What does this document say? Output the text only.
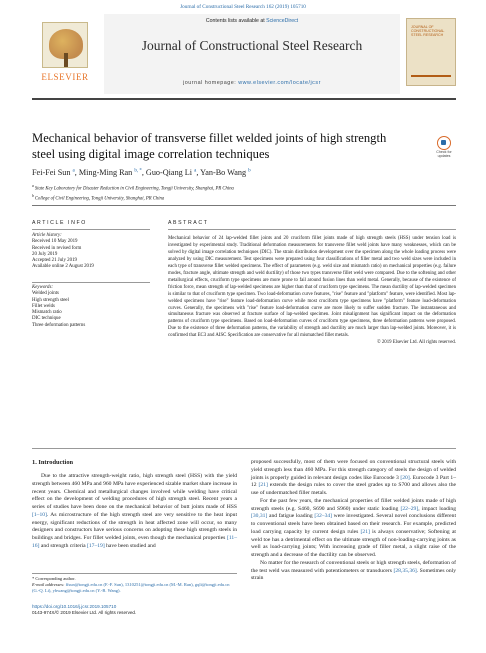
Journal of Constructional Steel Research 162 (2019) 105710
ELSEVIER
Contents lists available at ScienceDirect
Journal of Constructional Steel Research
journal homepage: www.elsevier.com/locate/jcsr
JOURNAL OF CONSTRUCTIONAL STEEL RESEARCH
Mechanical behavior of transverse fillet welded joints of high strength steel using digital image correlation techniques	Check for updates
Fei-Fei Sun $^a$, Ming-Ming Ran $^{b, *}$, Guo-Qiang Li $^a$, Yan-Bo Wang $^b$
$^a$ State Key Laboratory for Disaster Reduction in Civil Engineering, Tongji University, Shanghai, PR China
$^b$ College of Civil Engineering, Tongji University, Shanghai, PR China
ARTICLE INFO	ABSTRACT
Article history:
Received 10 May 2019
Received in revised form
20 July 2019
Accepted 21 July 2019
Available online 2 August 2019
Keywords:
Welded joints
High strength steel
Fillet welds
Mismatch ratio
DIC technique
Three deformation patterns
Mechanical behavior of 24 lap-welded fillet joints and 20 cruciform fillet joints made of high strength steels (HSS) under tension load is investigated by experimental study. Traditional deformation measurements for transverse fillet weld joints have many weaknesses, which can be solved by digital image correlation techniques (DIC). The strain distribution development over the specimen along the whole loading process were analyzed by using DIC measurement. Test specimens were prepared using four classifications of filler metal and two weld sizes were included in each type of transverse fillet welded specimens. The effect of parameters (e.g. weld size and mismatch ratio) on mechanical properties (e.g. failure modes, fracture angle, ultimate strength and weld ductility) of those two types transverse fillet weld were compared. Due to the softening and other metallurgical effects, cruciform type specimens are more prone to fail around fusion lines than weld metal. Generally, because of the existence of friction force, mean strength of lap-welded specimens are higher than that of cruciform type specimens. The mean ductility of lap-welded specimen is similar to that of cruciform type specimen. Two load-deformation curve features, "rise" feature and "platform" feature, were identified. Most lap-welded specimens have "rise" feature load-deformation curve while most cruciform type specimens have "platform" feature load-deformation curves. Generally, the specimens with "rise" feature load-deformation curve are more likely to suffer sudden fracture. The instantaneous and simultaneous fracture was observed at fracture surface of lap-welded specimen. Joint misalignment has significant impact on the deformation patterns of cruciform type specimens. Based on load-deformation curves of cruciform type specimens, three deformation patterns were proposed. Due to the existence of three deformation patterns, the variability of strength and ductility are much larger than lap-welded joints. Moreover, it is confirmed that EC3 and AISC Specification are conservative for all mismatched fillet metals.
© 2019 Elsevier Ltd. All rights reserved.
1. Introduction

Due to the attractive strength-weight ratio, high strength steel (HSS) with the yield strength between 460 MPa and 960 MPa have experienced sizable market share increase in recent years. Chemical and metallurgical changes involved while welding have critical effect on the development of welding procedures of high strength steel. Recent years a series of studies have been done on the mechanical behavior of butt joints made of HSS [1–10]. As microstructure of the high strength steel are very sensitive to the heat input energy, significant reductions of the strength in heat affected zone will occur, so many designers and constructors have serious concerns on adopting these high strength steels in buildings and bridges. For fillet welded joints, even though the mechanical properties [11–16] and strength criteria [17–19] have been studied and

proposed successfully, most of them were focused on conventional structural steels with yield strength less than 460 MPa. For this strength category of steels the design of welded joints is properly guided in relevant design codes like Eurocode 3 [20]. Eurocode 3 Part 1–12 [21] extends the design rules to cover the steel grades up to S700 and allows also the use of undermatched filler metals.

For the past few years, the mechanical properties of fillet welded joints made of high strength steels (e.g. S460, S690 and S960) under static loading [22–29], impact loading [30,31] and fatigue loading [32–34] were investigated. Several novel conclusions different to conventional steels have been obtained based on their research. For example, predicted load carrying capacity by current design rules [21] is always conservative; Softening at weld toe has a detrimental effect on the ultimate strength of non-loading-carrying joints as well as load-carrying joints; With increasing grade of filler metal, a slight raise of the strength and a decrease of the ductility can be observed.

No matter for the research of conventional steels or high strength steels, deformation of the test weld was measured with potentiometers or transducers [28,35,36]. Sometimes only strain

* Corresponding author.
E-mail addresses: ffsun@tongji.edu.cn (F.-F. Sun), 1310251@tongji.edu.cn (M.-M. Ran), gqli@tongji.edu.cn (G.-Q. Li), ybwang@tongji.edu.cn (Y.-B. Wang).
https://doi.org/10.1016/j.jcsr.2019.105710
0143-974X/© 2019 Elsevier Ltd. All rights reserved.
